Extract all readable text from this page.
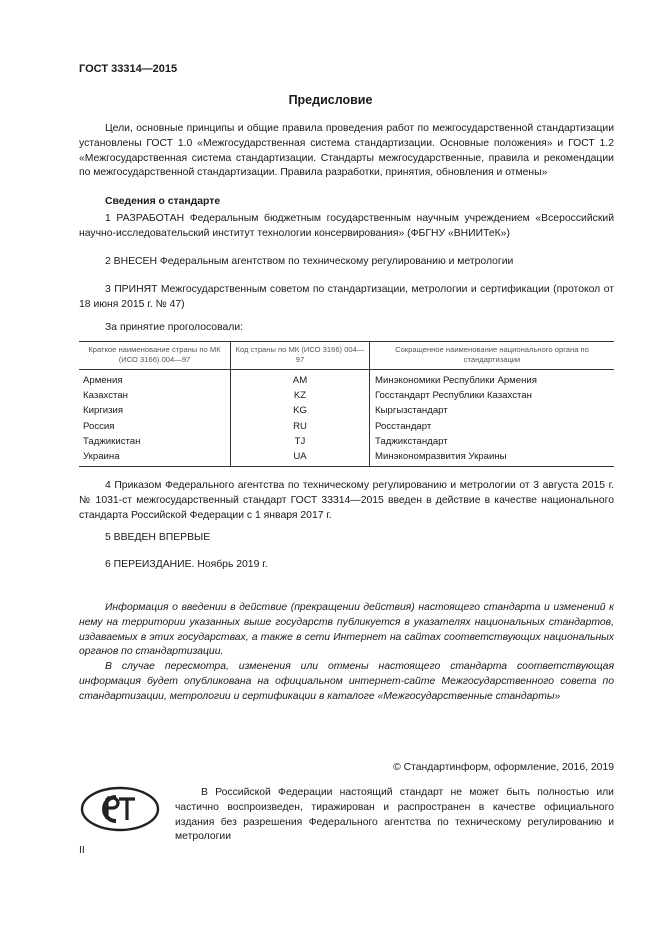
ГОСТ 33314—2015
Предисловие
Цели, основные принципы и общие правила проведения работ по межгосударственной стандартизации установлены ГОСТ 1.0 «Межгосударственная система стандартизации. Основные положения» и ГОСТ 1.2 «Межгосударственная система стандартизации. Стандарты межгосударственные, правила и рекомендации по межгосударственной стандартизации. Правила разработки, принятия, обновления и отмены»
Сведения о стандарте
1 РАЗРАБОТАН Федеральным бюджетным государственным научным учреждением «Всероссийский научно-исследовательский институт технологии консервирования» (ФБГНУ «ВНИИТеК»)
2 ВНЕСЕН Федеральным агентством по техническому регулированию и метрологии
3 ПРИНЯТ Межгосударственным советом по стандартизации, метрологии и сертификации (протокол от 18 июня 2015 г. № 47)
За принятие проголосовали:
Краткое наименование страны по МК (ИСО 3166) 004—97	Код страны по МК (ИСО 3166) 004—97	Сокращенное наименование национального органа по стандартизации
Армения	AM	Минэкономики Республики Армения
Казахстан	KZ	Госстандарт Республики Казахстан
Киргизия	KG	Кыргызстандарт
Россия	RU	Росстандарт
Таджикистан	TJ	Таджикстандарт
Украина	UA	Минэкономразвития Украины
4 Приказом Федерального агентства по техническому регулированию и метрологии от 3 августа 2015 г. № 1031-ст межгосударственный стандарт ГОСТ 33314—2015 введен в действие в качестве национального стандарта Российской Федерации с 1 января 2017 г.
5 ВВЕДЕН ВПЕРВЫЕ
6 ПЕРЕИЗДАНИЕ. Ноябрь 2019 г.
Информация о введении в действие (прекращении действия) настоящего стандарта и изменений к нему на территории указанных выше государств публикуется в указателях национальных стандартов, издаваемых в этих государствах, а также в сети Интернет на сайтах соответствующих национальных органов по стандартизации.
В случае пересмотра, изменения или отмены настоящего стандарта соответствующая информация будет опубликована на официальном интернет-сайте Межгосударственного совета по стандартизации, метрологии и сертификации в каталоге «Межгосударственные стандарты»
© Стандартинформ, оформление, 2016, 2019
В Российской Федерации настоящий стандарт не может быть полностью или частично воспроизведен, тиражирован и распространен в качестве официального издания без разрешения Федерального агентства по техническому регулированию и метрологии
II
